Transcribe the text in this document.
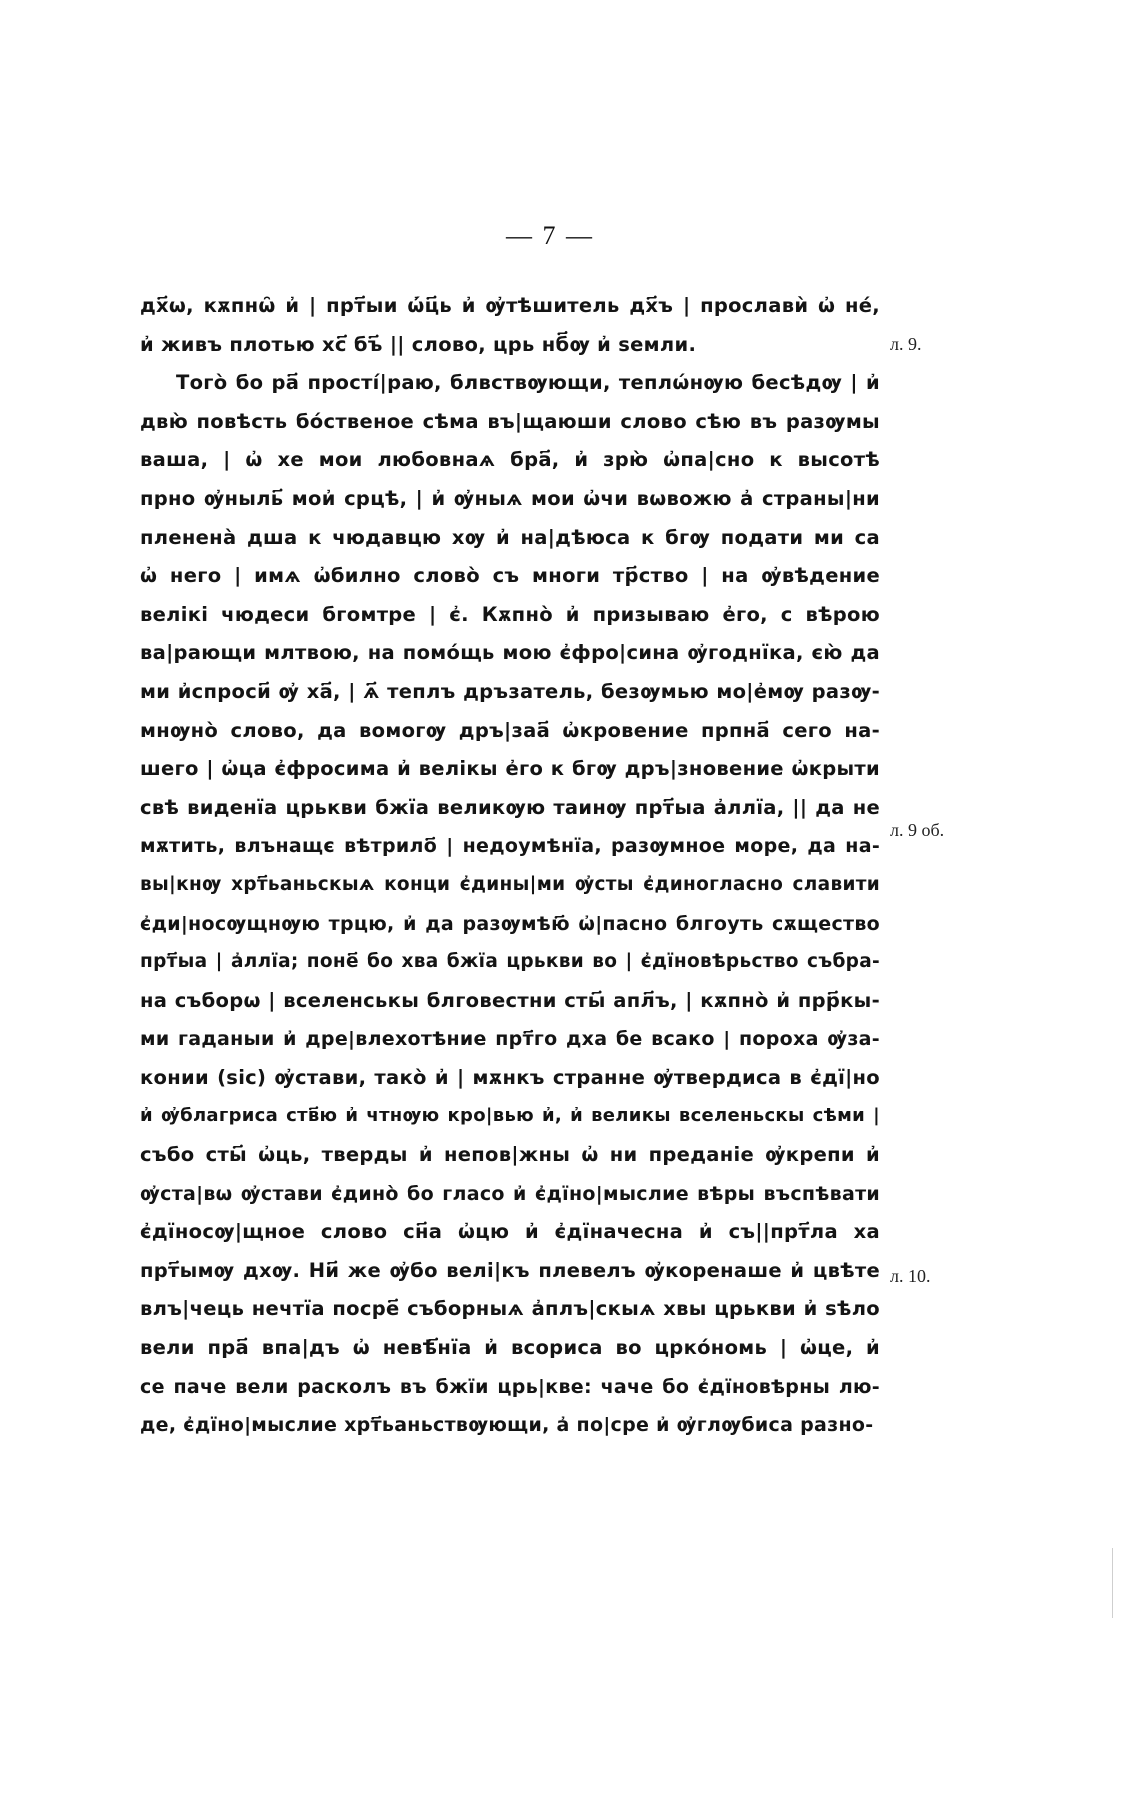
— 7 —
дх҃ѡ, кѫпнѡ̑ и҆ | прт҃ыи ѡ҆́ц҃ь и҆ ѹ҆тѣшитель дх҃ъ | прославѝ ѡ҆ не́,
и҆ живъ плотью хс҃ бъ҃ || слово, црь нб҃ѹ и҆ ѕемли.
Того̀ бо ра҃ прості́|раю, блвствѹющи, теплѡ́нѹю бесѣдѹ | и҆
двю̀ повѣсть бо́ственое сѣма въ|щаюши слово сѣю въ разѹмы
ваша, | ѡ҆ хе мои любовнаѧ бра҃, и҆ зрю̀ ѡ҆па|сно к высотѣ
прно ѹ҆ныль҃ мои҆ срцѣ, | и҆ ѹ҆ныѧ мои ѡ҆чи вѡвожю а҆ страны|ни
пленена̀ дша к чюдавцю хѹ и҆ на|дѣюса к бгѹ подати ми са
ѡ҆ него | имѧ ѡ҆билно слово̀ съ многи тр҃ство | на ѹ҆вѣдение
велікі чюдеси бгомтре | є҆. Кѫпно̀ и҆ призываю е҆го, с вѣрою
ва|рающи млтвою, на помо́щь мою є҆фро|сина ѹ҆годнїка, єю̀ да
ми и҆спроси҃ ѹ҆ ха҃, | ѧ҃ теплъ дръзатель, безѹмью мо|е҆мѹ разѹ-
мнѹно̀ слово, да вомогѹ дръ|заа҃ ѡ҆кровение прпна҃ сего на-
шего | ѡ҆ца є҆фросима и҆ велікы е҆го к бгѹ дръ|зновение ѡ҆крыти
свѣ виденїа црькви бжїа великѹю таинѹ прт҃ыа а҆ллїа, || да не
мѫтить, влънащє вѣтрило҃ | недоумѣнїа, разѹмное море, да на-
вы|кнѹ хрт҃ьаньскыѧ конци є҆дины|ми ѹ҆сты є҆диногласно славити
є҆ди|носѹщнѹю трцю, и҆ да разѹмѣю҃ ѡ҆|пасно блгоуть сѫщество
прт҃ыа | а҆ллїа; поне҃ бо хва бжїа црькви во | є҆дїновѣрьство събра-
на съборѡ | вселенськы блговестни сты҃ апл҃ъ, | кѫпно̀ и҆ прр҃кы-
ми гаданыи и҆ дре|влехотѣние прт҃го дха бе всако | пороха ѹ҆за-
конии (sic) ѹ҆стави, тако̀ и҆ | мѫнкъ странне ѹ҆твердиса в є҆дї|но
и҆ ѹ҆благриса ств҃ю и҆ чтнѹю кро|вью и҆, и҆ великы вселеньскы сѣми |
събо сты҃ ѡ҆ць, тверды и҆ непов|жны ѡ҆ ни преданіе ѹ҆крепи и҆
ѹ҆ста|вѡ ѹ҆стави є҆дино̀ бо гласо и҆ є҆дїно|мыслие вѣры въспѣвати
є҆дїносѹ|щное слово сн҃а ѡ҆цю и҆ є҆дїначесна и҆ съ||прт҃ла ха
прт҃ымѹ дхѹ. Ни҃ же ѹ҆бо велі|къ плевелъ ѹ҆коренаше и҆ цвѣте
влъ|чець нечтїа посре҃ съборныѧ а҆плъ|скыѧ хвы црькви и҆ ѕѣло
вели пра҃ впа|дъ ѡ҆ невѣ҃нїа и҆ всориса во црко́номь | ѡ҆це, и҆
се паче вели расколъ въ бжїи црь|кве: чаче бо є҆дїновѣрны лю-
де, є҆дїно|мыслие хрт҃ьаньствѹющи, а҆ по|сре и҆ ѹ҆глѹбиса разно-
л. 9.
л. 9 об.
л. 10.
